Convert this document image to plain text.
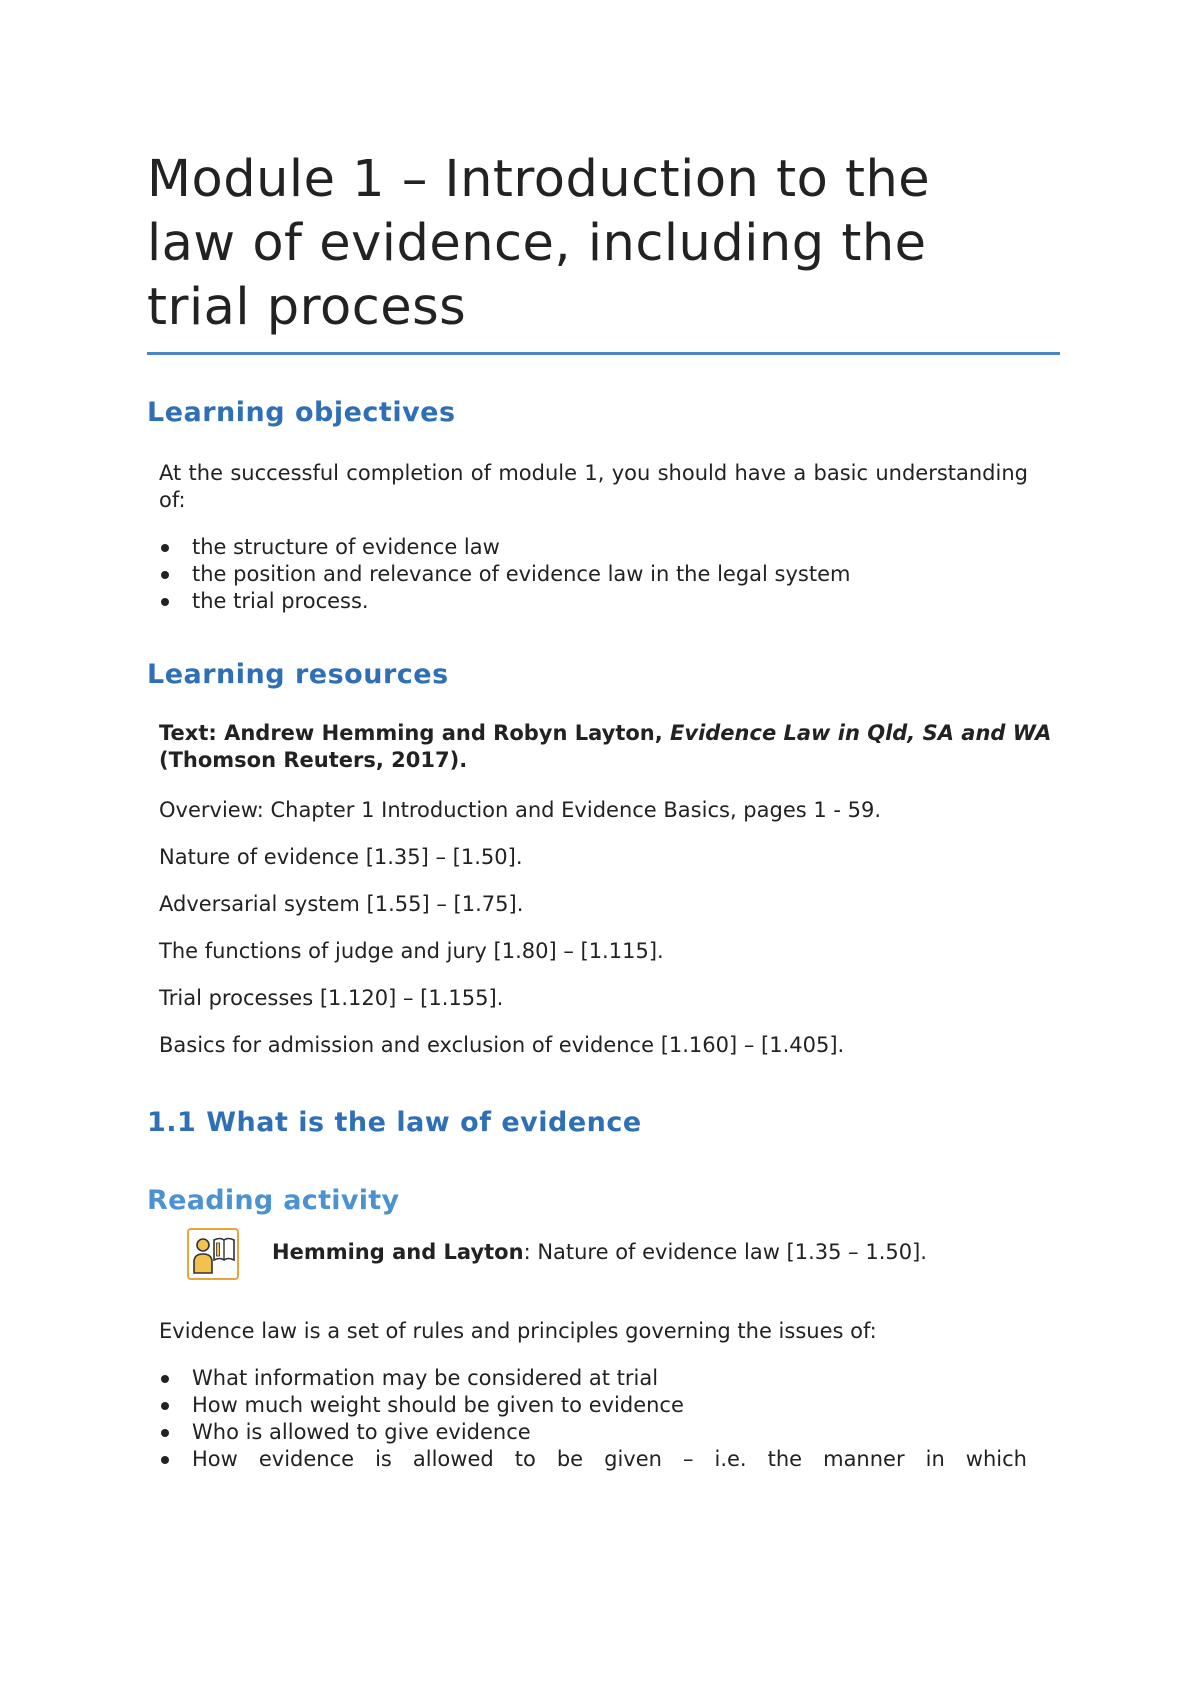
Module 1 – Introduction to the
law of evidence, including the
trial process
Learning objectives

At the successful completion of module 1, you should have a basic understanding of:

the structure of evidence law
the position and relevance of evidence law in the legal system
the trial process.
Learning resources

Text: Andrew Hemming and Robyn Layton, Evidence Law in Qld, SA and WA (Thomson Reuters, 2017).

Overview: Chapter 1 Introduction and Evidence Basics, pages 1 - 59.

Nature of evidence [1.35] – [1.50].

Adversarial system [1.55] – [1.75].

The functions of judge and jury [1.80] – [1.115].

Trial processes [1.120] – [1.155].

Basics for admission and exclusion of evidence [1.160] – [1.405].

1.1 What is the law of evidence
Reading activity
Hemming and Layton: Nature of evidence law [1.35 – 1.50].

Evidence law is a set of rules and principles governing the issues of:

What information may be considered at trial
How much weight should be given to evidence
Who is allowed to give evidence
How evidence is allowed to be given – i.e. the manner in which
